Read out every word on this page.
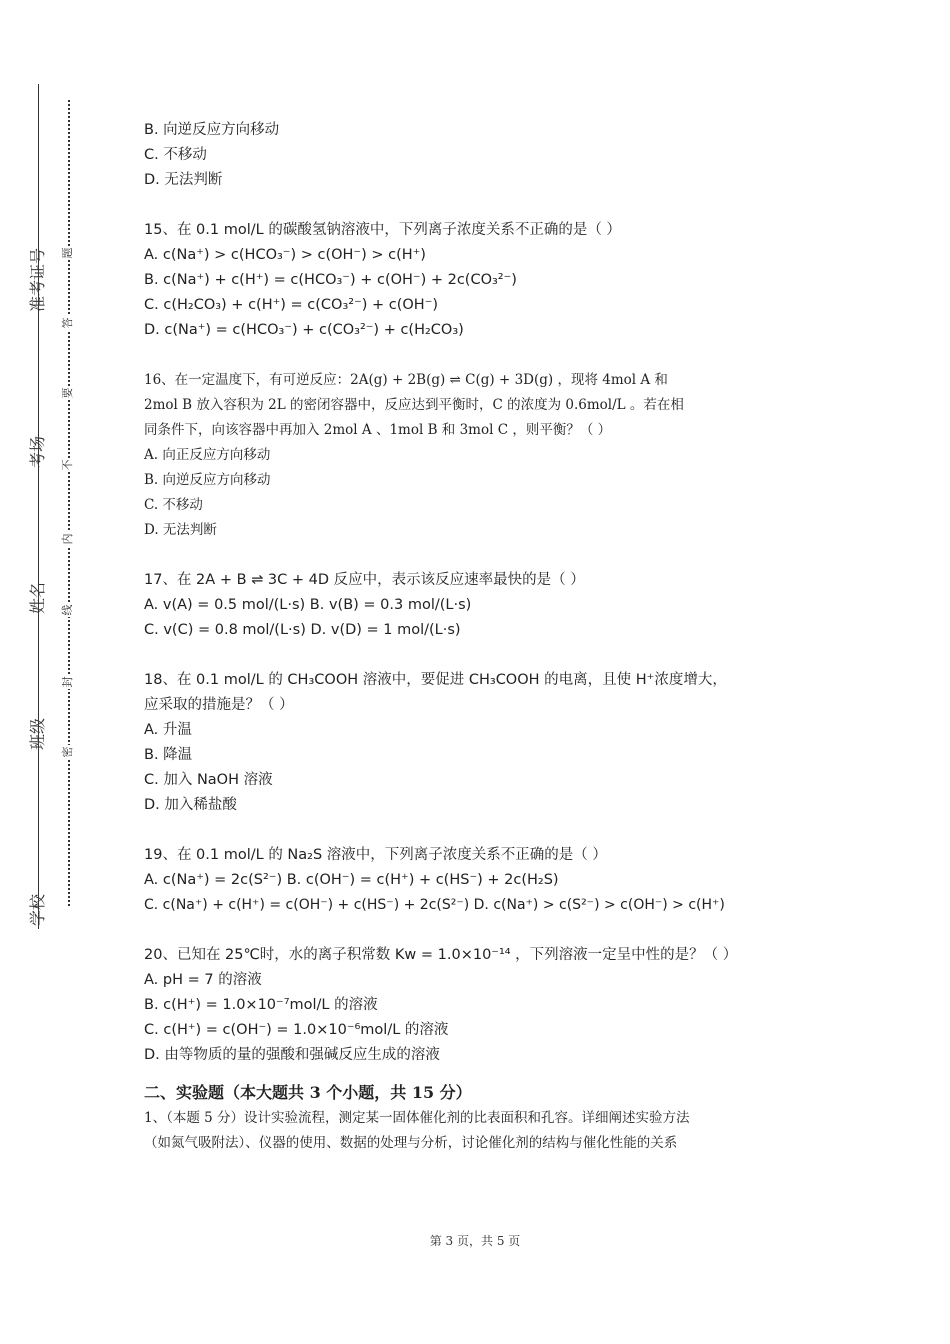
准考证号
考场
姓名
班级
学校
题
答
要
不
内
线
封
密

B. 向逆反应方向移动

C. 不移动

D. 无法判断

15、在 0.1 mol/L 的碳酸氢钠溶液中，下列离子浓度关系不正确的是（ ）

A. c(Na⁺) > c(HCO₃⁻) > c(OH⁻) > c(H⁺)

B. c(Na⁺) + c(H⁺) = c(HCO₃⁻) + c(OH⁻) + 2c(CO₃²⁻)

C. c(H₂CO₃) + c(H⁺) = c(CO₃²⁻) + c(OH⁻)

D. c(Na⁺) = c(HCO₃⁻) + c(CO₃²⁻) + c(H₂CO₃)

16、在一定温度下，有可逆反应：2A(g) + 2B(g) ⇌ C(g) + 3D(g) ，现将 4mol A 和

2mol B 放入容积为 2L 的密闭容器中，反应达到平衡时，C 的浓度为 0.6mol/L 。若在相

同条件下，向该容器中再加入 2mol A 、1mol B 和 3mol C ，则平衡？（ ）

A. 向正反应方向移动

B. 向逆反应方向移动

C. 不移动

D. 无法判断

17、在 2A + B ⇌ 3C + 4D 反应中，表示该反应速率最快的是（ ）

A. v(A) = 0.5 mol/(L·s) B. v(B) = 0.3 mol/(L·s)

C. v(C) = 0.8 mol/(L·s) D. v(D) = 1 mol/(L·s)

18、在 0.1 mol/L 的 CH₃COOH 溶液中，要促进 CH₃COOH 的电离，且使 H⁺浓度增大，

应采取的措施是？（ ）

A. 升温

B. 降温

C. 加入 NaOH 溶液

D. 加入稀盐酸

19、在 0.1 mol/L 的 Na₂S 溶液中，下列离子浓度关系不正确的是（ ）

A. c(Na⁺) = 2c(S²⁻) B. c(OH⁻) = c(H⁺) + c(HS⁻) + 2c(H₂S)

C. c(Na⁺) + c(H⁺) = c(OH⁻) + c(HS⁻) + 2c(S²⁻) D. c(Na⁺) > c(S²⁻) > c(OH⁻) > c(H⁺)

20、已知在 25℃时，水的离子积常数 Kw = 1.0×10⁻¹⁴ ，下列溶液一定呈中性的是？（ ）

A. pH = 7 的溶液

B. c(H⁺) = 1.0×10⁻⁷mol/L 的溶液

C. c(H⁺) = c(OH⁻) = 1.0×10⁻⁶mol/L 的溶液

D. 由等物质的量的强酸和强碱反应生成的溶液

二、实验题（本大题共 3 个小题，共 15 分）

1、（本题 5 分）设计实验流程，测定某一固体催化剂的比表面积和孔容。详细阐述实验方法

（如氮气吸附法）、仪器的使用、数据的处理与分析，讨论催化剂的结构与催化性能的关系

第 3 页，共 5 页
